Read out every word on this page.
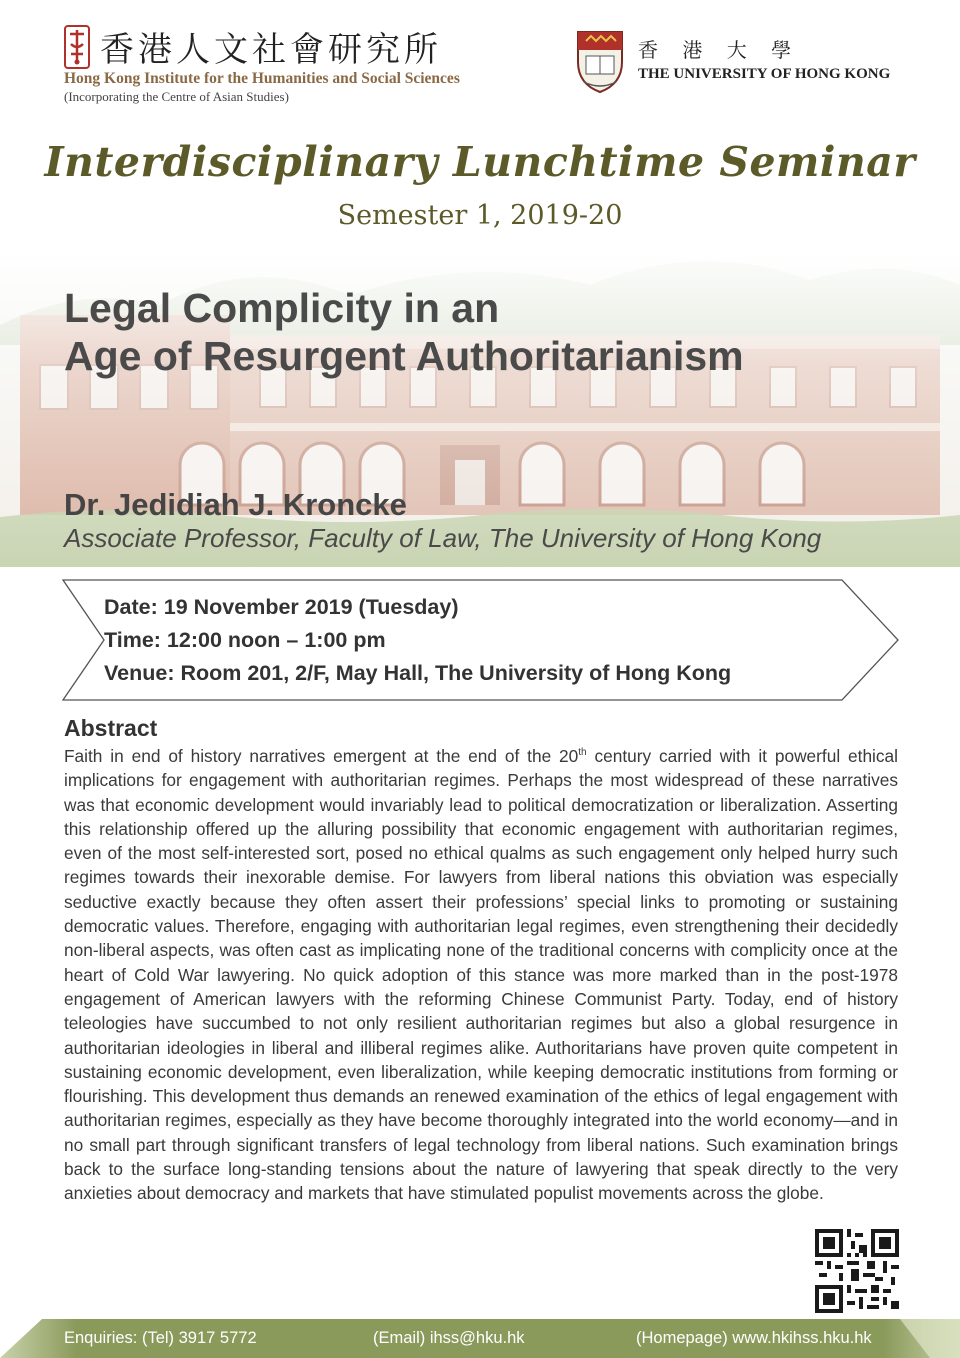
香港人文社會研究所
Hong Kong Institute for the Humanities and Social Sciences
(Incorporating the Centre of Asian Studies)
香 港 大 學
THE UNIVERSITY OF HONG KONG
Interdisciplinary Lunchtime Seminar
Semester 1, 2019-20
Legal Complicity in an
Age of Resurgent Authoritarianism
Dr. Jedidiah J. Kroncke
Associate Professor, Faculty of Law, The University of Hong Kong
Date: 19 November 2019 (Tuesday)
Time: 12:00 noon – 1:00 pm
Venue: Room 201, 2/F, May Hall, The University of Hong Kong
Abstract
Faith in end of history narratives emergent at the end of the 20th century carried with it powerful ethical implications for engagement with authoritarian regimes. Perhaps the most widespread of these narratives was that economic development would invariably lead to political democratization or liberalization. Asserting this relationship offered up the alluring possibility that economic engagement with authoritarian regimes, even of the most self-interested sort, posed no ethical qualms as such engagement only helped hurry such regimes towards their inexorable demise. For lawyers from liberal nations this obviation was especially seductive exactly because they often assert their professions’ special links to promoting or sustaining democratic values. Therefore, engaging with authoritarian legal regimes, even strengthening their decidedly non-liberal aspects, was often cast as implicating none of the traditional concerns with complicity once at the heart of Cold War lawyering. No quick adoption of this stance was more marked than in the post-1978 engagement of American lawyers with the reforming Chinese Communist Party. Today, end of history teleologies have succumbed to not only resilient authoritarian regimes but also a global resurgence in authoritarian ideologies in liberal and illiberal regimes alike. Authoritarians have proven quite competent in sustaining economic development, even liberalization, while keeping democratic institutions from forming or flourishing. This development thus demands an renewed examination of the ethics of legal engagement with authoritarian regimes, especially as they have become thoroughly integrated into the world economy—and in no small part through significant transfers of legal technology from liberal nations. Such examination brings back to the surface long-standing tensions about the nature of lawyering that speak directly to the very anxieties about democracy and markets that have stimulated populist movements across the globe.
Enquiries: (Tel) 3917 5772	(Email) ihss@hku.hk	(Homepage) www.hkihss.hku.hk
